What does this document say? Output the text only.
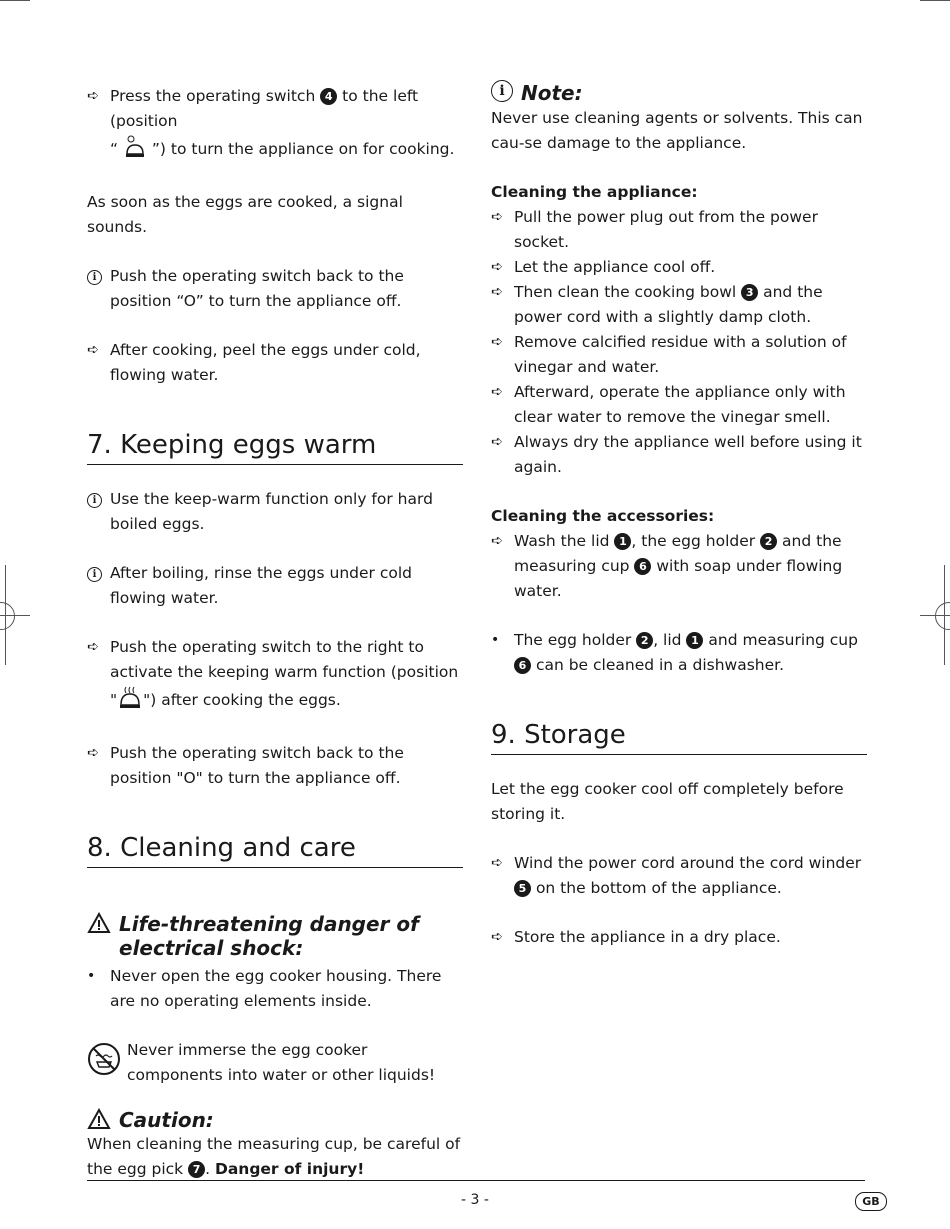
➪ Press the operating switch 4 to the left (position
“ ”) to turn the appliance on for cooking.

As soon as the eggs are cooked, a signal sounds.

i Push the operating switch back to the position “O” to turn the appliance off.
➪ After cooking, peel the eggs under cold, flowing water.
7. Keeping eggs warm
i Use the keep-warm function only for hard boiled eggs.
i After boiling, rinse the eggs under cold flowing water.
➪ Push the operating switch to the right to activate the keeping warm function (position " ") after cooking the eggs.
➪ Push the operating switch back to the position "O" to turn the appliance off.
8. Cleaning and care
Life-threatening danger of electrical shock:
• Never open the egg cooker housing. There are no operating elements inside.
Never immerse the egg cooker components into water or other liquids!
Caution:

When cleaning the measuring cup, be careful of the egg pick 7 . Danger of injury!

i Note:

Never use cleaning agents or solvents. This can cau-se damage to the appliance.

Cleaning the appliance:
➪ Pull the power plug out from the power socket.
➪ Let the appliance cool off.
➪ Then clean the cooking bowl 3 and the power cord with a slightly damp cloth.
➪ Remove calcified residue with a solution of vinegar and water.
➪ Afterward, operate the appliance only with clear water to remove the vinegar smell.
➪ Always dry the appliance well before using it again.
Cleaning the accessories:
➪ Wash the lid 1 , the egg holder 2 and the measuring cup 6 with soap under flowing water.
• The egg holder 2 , lid 1 and measuring cup 6 can be cleaned in a dishwasher.
9. Storage

Let the egg cooker cool off completely before storing it.

➪ Wind the power cord around the cord winder
5 on the bottom of the appliance.
➪ Store the appliance in a dry place.
- 3 -	GB
